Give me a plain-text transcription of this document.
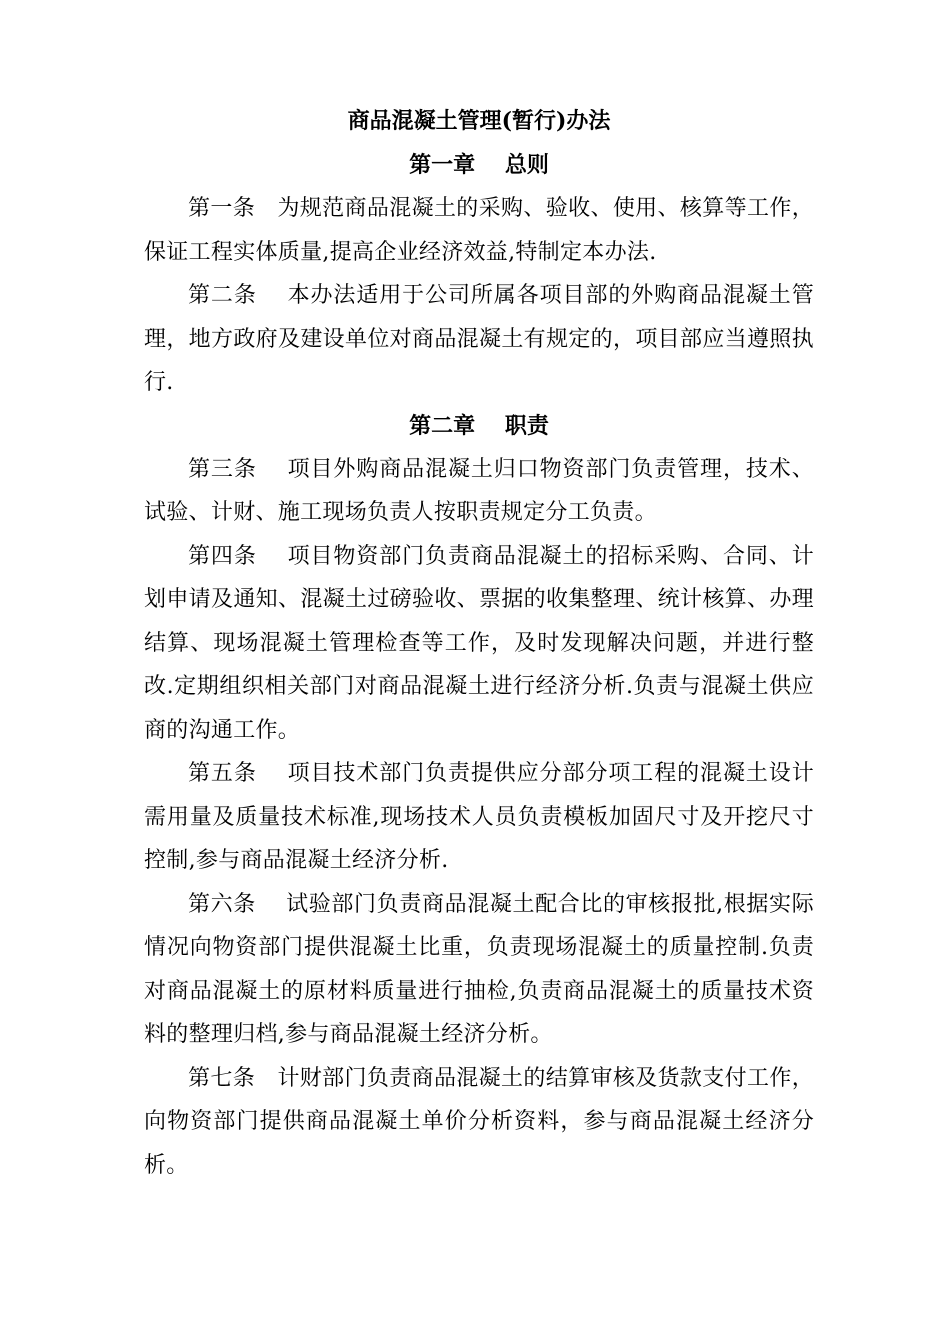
商品混凝土管理(暂行)办法
第一章　 总则

第一条　为规范商品混凝土的采购、验收、使用、核算等工作，保证工程实体质量,提高企业经济效益,特制定本办法.

第二条　 本办法适用于公司所属各项目部的外购商品混凝土管理，地方政府及建设单位对商品混凝土有规定的，项目部应当遵照执行.

第二章　 职责

第三条　 项目外购商品混凝土归口物资部门负责管理，技术、试验、计财、施工现场负责人按职责规定分工负责。

第四条　 项目物资部门负责商品混凝土的招标采购、合同、计划申请及通知、混凝土过磅验收、票据的收集整理、统计核算、办理结算、现场混凝土管理检查等工作，及时发现解决问题，并进行整改.定期组织相关部门对商品混凝土进行经济分析.负责与混凝土供应商的沟通工作。

第五条　 项目技术部门负责提供应分部分项工程的混凝土设计需用量及质量技术标准,现场技术人员负责模板加固尺寸及开挖尺寸控制,参与商品混凝土经济分析.

第六条　 试验部门负责商品混凝土配合比的审核报批,根据实际情况向物资部门提供混凝土比重，负责现场混凝土的质量控制.负责对商品混凝土的原材料质量进行抽检,负责商品混凝土的质量技术资料的整理归档,参与商品混凝土经济分析。

第七条　计财部门负责商品混凝土的结算审核及货款支付工作，向物资部门提供商品混凝土单价分析资料，参与商品混凝土经济分析。
